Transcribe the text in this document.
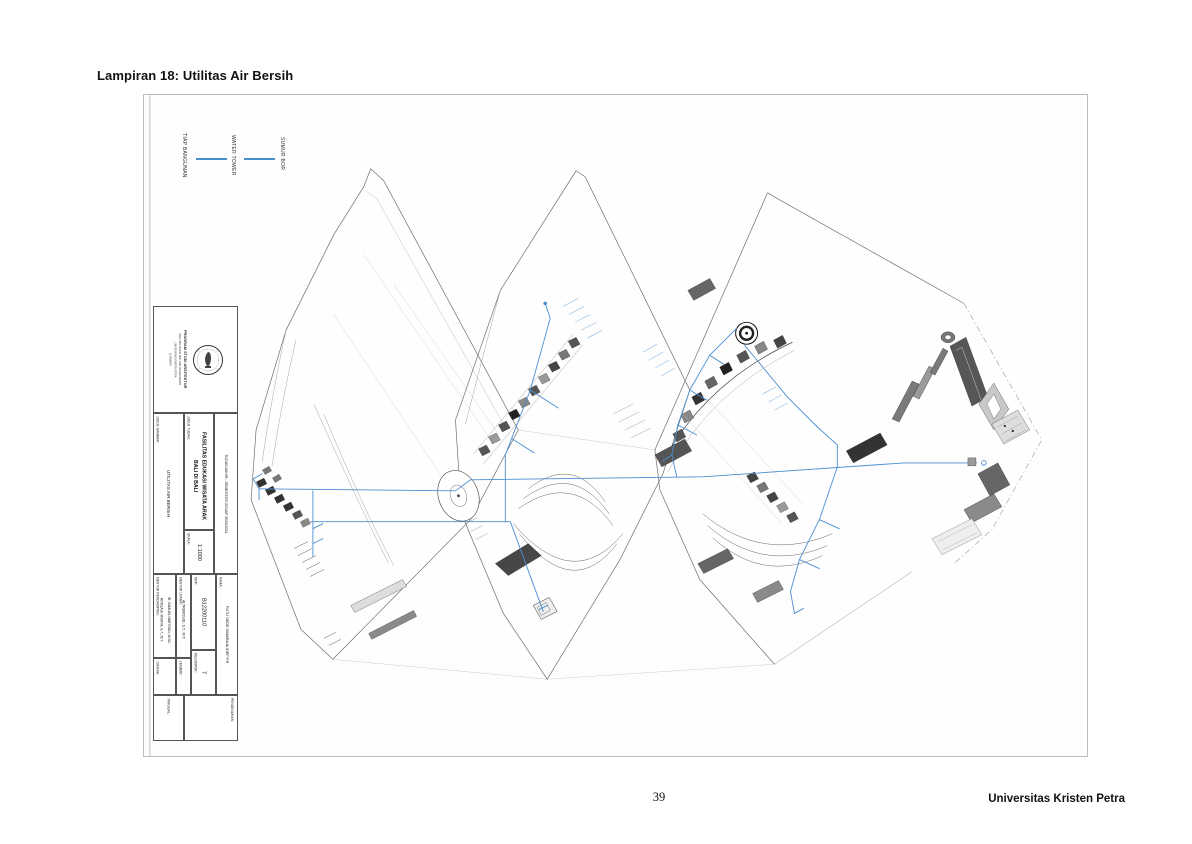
Lampiran 18: Utilitas Air Bersih
TIAP BANGUNAN	WATER TOWER	SUMUR BOR
PROGRAM STUDI ARSITEKTUR
FAKULTAS TEKNIK SIPIL DAN PERENCANAAN
UNIVERSITAS KRISTEN PETRA
SURABAYA
JUDUL GAMBAR:
UTILITAS AIR BERSIH
JUDUL TUGAS:
FASILITAS EDUKASI WISATA ARAK BALI DI BALI
SKALA:
1:1000
TUGAS AKHIR - SEMESTER GENAP 2023/2024
MENTOR PENDAMPING:
IR. SAMUEL HARTONO, M.SC.
RIVELA B. WIJAYA, S.T., M.T.
MENTOR UTAMA:
ALTREROSJE, S.T., M.T.
JUMLAH:	LEMBAR:
NRP:
B12200110
KELOMPOK: 7
NAMA:
PUTU GEDE SIWARAJA IDEP P.R
TANGGAL:	PENGESAHAN:
39	Universitas Kristen Petra
